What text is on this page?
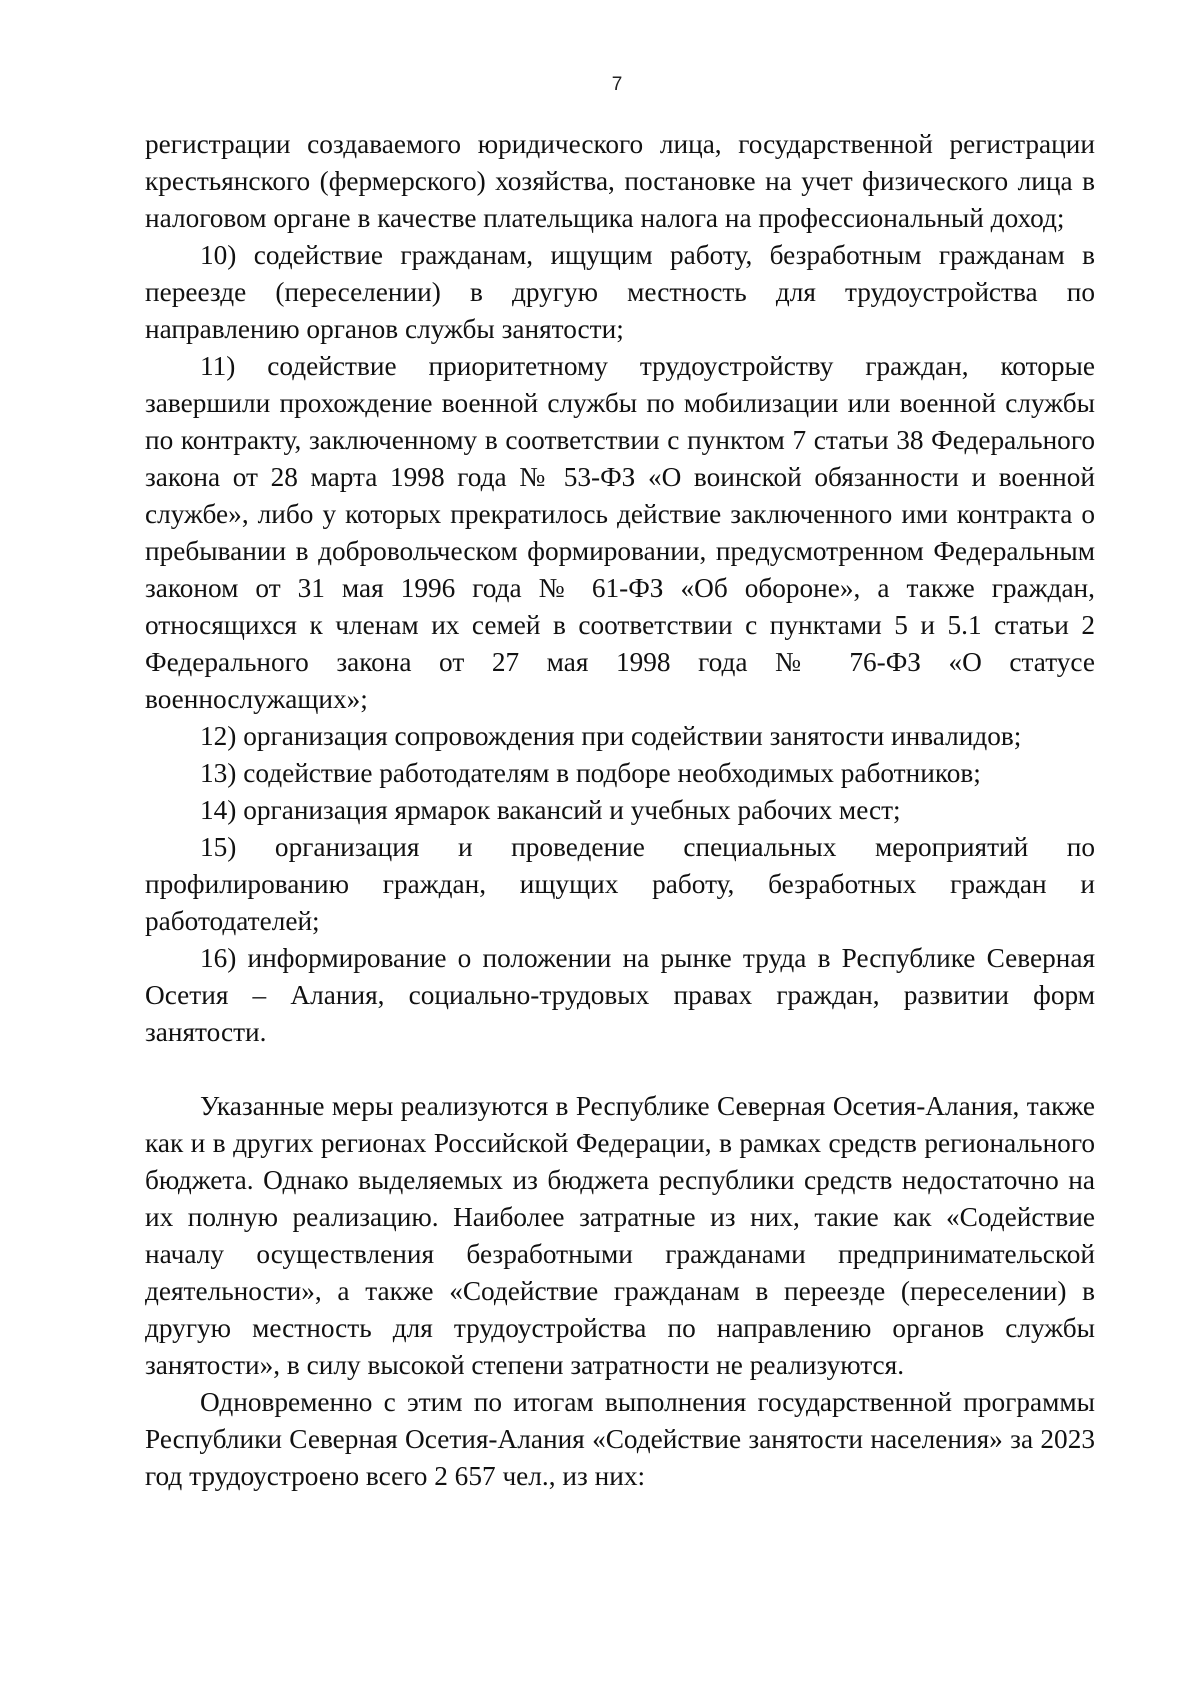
7

регистрации создаваемого юридического лица, государственной регистрации крестьянского (фермерского) хозяйства, постановке на учет физического лица в налоговом органе в качестве плательщика налога на профессиональный доход;

10) содействие гражданам, ищущим работу, безработным гражданам в переезде (переселении) в другую местность для трудоустройства по направлению органов службы занятости;

11) содействие приоритетному трудоустройству граждан, которые завершили прохождение военной службы по мобилизации или военной службы по контракту, заключенному в соответствии с пунктом 7 статьи 38 Федерального закона от 28 марта 1998 года № 53-ФЗ «О воинской обязанности и военной службе», либо у которых прекратилось действие заключенного ими контракта о пребывании в добровольческом формировании, предусмотренном Федеральным законом от 31 мая 1996 года № 61-ФЗ «Об обороне», а также граждан, относящихся к членам их семей в соответствии с пунктами 5 и 5.1 статьи 2 Федерального закона от 27 мая 1998 года № 76-ФЗ «О статусе военнослужащих»;

12) организация сопровождения при содействии занятости инвалидов;

13) содействие работодателям в подборе необходимых работников;

14) организация ярмарок вакансий и учебных рабочих мест;

15) организация и проведение специальных мероприятий по профилированию граждан, ищущих работу, безработных граждан и работодателей;

16) информирование о положении на рынке труда в Республике Северная Осетия – Алания, социально-трудовых правах граждан, развитии форм занятости.

Указанные меры реализуются в Республике Северная Осетия-Алания, также как и в других регионах Российской Федерации, в рамках средств регионального бюджета. Однако выделяемых из бюджета республики средств недостаточно на их полную реализацию. Наиболее затратные из них, такие как «Содействие началу осуществления безработными гражданами предпринимательской деятельности», а также «Содействие гражданам в переезде (переселении) в другую местность для трудоустройства по направлению органов службы занятости», в силу высокой степени затратности не реализуются.

Одновременно с этим по итогам выполнения государственной программы Республики Северная Осетия-Алания «Содействие занятости населения» за 2023 год трудоустроено всего 2 657 чел., из них:
